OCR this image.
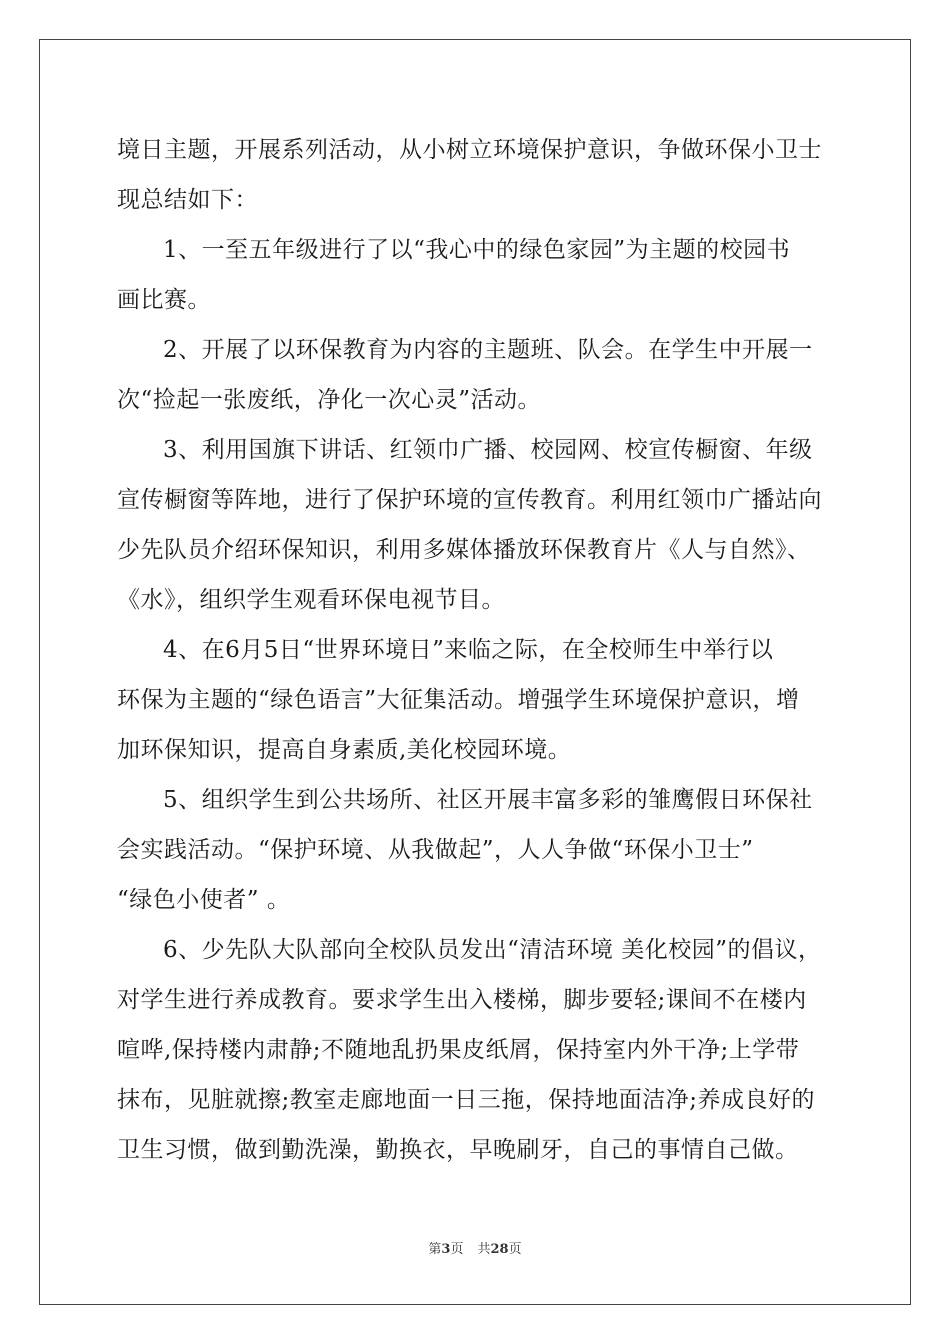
境日主题，开展系列活动，从小树立环境保护意识，争做环保小卫士
现总结如下：
1、一至五年级进行了以“我心中的绿色家园”为主题的校园书
画比赛。
2、开展了以环保教育为内容的主题班、队会。在学生中开展一
次“捡起一张废纸，净化一次心灵”活动。
3、利用国旗下讲话、红领巾广播、校园网、校宣传橱窗、年级
宣传橱窗等阵地，进行了保护环境的宣传教育。利用红领巾广播站向
少先队员介绍环保知识，利用多媒体播放环保教育片《人与自然》、
《水》，组织学生观看环保电视节目。
4、在6月5日“世界环境日”来临之际，在全校师生中举行以
环保为主题的“绿色语言”大征集活动。增强学生环境保护意识，增
加环保知识，提高自身素质,美化校园环境。
5、组织学生到公共场所、社区开展丰富多彩的雏鹰假日环保社
会实践活动。“保护环境、从我做起”，人人争做“环保小卫士”
“绿色小使者” 。
6、少先队大队部向全校队员发出“清洁环境 美化校园”的倡议，
对学生进行养成教育。要求学生出入楼梯，脚步要轻;课间不在楼内
喧哗,保持楼内肃静;不随地乱扔果皮纸屑，保持室内外干净;上学带
抹布，见脏就擦;教室走廊地面一日三拖，保持地面洁净;养成良好的
卫生习惯，做到勤洗澡，勤换衣，早晚刷牙，自己的事情自己做。
第3页 共28页
